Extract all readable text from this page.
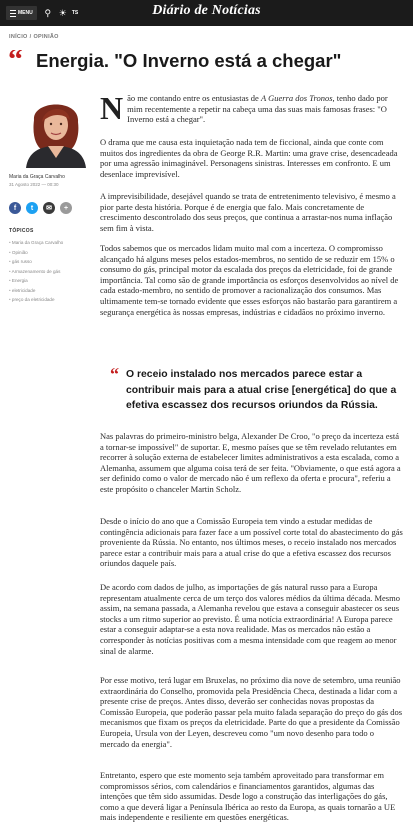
MENU	⚲ ☀ TS	Diário de Notícias
INÍCIO / OPINIÃO
“ Energia. "O Inverno está a chegar"
Maria da Graça Carvalho
31 Agosto 2022 — 00:30
f	t	✉	+
TÓPICOS
• Maria da Graça Carvalho
• Opinião
• gás russo
• Armazenamento de gás
• Energia
• eletricidade
• preço da eletricidade

Não me contando entre os entusiastas de A Guerra dos Tronos, tenho dado por mim recentemente a repetir na cabeça uma das suas mais famosas frases: "O Inverno está a chegar".

O drama que me causa esta inquietação nada tem de ficcional, ainda que conte com muitos dos ingredientes da obra de George R.R. Martin: uma grave crise, desencadeada por uma agressão inimaginável. Personagens sinistras. Interesses em confronto. E um desenlace imprevisível.

A imprevisibilidade, desejável quando se trata de entretenimento televisivo, é mesmo a pior parte desta história. Porque é de energia que falo. Mais concretamente de crescimento descontrolado dos seus preços, que continua a arrastar-nos numa inflação sem fim à vista.

Todos sabemos que os mercados lidam muito mal com a incerteza. O compromisso alcançado há alguns meses pelos estados-membros, no sentido de se reduzir em 15% o consumo do gás, principal motor da escalada dos preços da eletricidade, foi de grande importância. Tal como são de grande importância os esforços desenvolvidos ao nível de cada estado-membro, no sentido de promover a racionalização dos consumos. Mas ultimamente tem-se tornado evidente que esses esforços não bastarão para garantirem a segurança energética às nossas empresas, indústrias e cidadãos no próximo inverno.

Nas palavras do primeiro-ministro belga, Alexander De Croo, "o preço da incerteza está a tornar-se impossível" de suportar. E, mesmo países que se têm revelado relutantes em recorrer à solução externa de estabelecer limites administrativos a esta escalada, como a Alemanha, assumem que alguma coisa terá de ser feita. "Obviamente, o que está agora a ser definido como o valor de mercado não é um reflexo da oferta e procura", referiu a este propósito o chanceler Martin Scholz.

Desde o início do ano que a Comissão Europeia tem vindo a estudar medidas de contingência adicionais para fazer face a um possível corte total do abastecimento do gás proveniente da Rússia. No entanto, nos últimos meses, o receio instalado nos mercados parece estar a contribuir mais para a atual crise do que a efetiva escassez dos recursos oriundos daquele país.

De acordo com dados de julho, as importações de gás natural russo para a Europa representam atualmente cerca de um terço dos valores médios da última década. Mesmo assim, na semana passada, a Alemanha revelou que estava a conseguir abastecer os seus stocks a um ritmo superior ao previsto. É uma notícia extraordinária! A Europa parece estar a conseguir adaptar-se a esta nova realidade. Mas os mercados não estão a corresponder às notícias positivas com a mesma intensidade com que reagem ao menor sinal de alarme.

Por esse motivo, terá lugar em Bruxelas, no próximo dia nove de setembro, uma reunião extraordinária do Conselho, promovida pela Presidência Checa, destinada a lidar com a presente crise de preços. Antes disso, deverão ser conhecidas novas propostas da Comissão Europeia, que poderão passar pela muito falada separação do preço do gás dos mecanismos que fixam os preços da eletricidade. Parte do que a presidente da Comissão Europeia, Ursula von der Leyen, descreveu como "um novo desenho para todo o mercado da energia".

Entretanto, espero que este momento seja também aproveitado para transformar em compromissos sérios, com calendários e financiamentos garantidos, algumas das intenções que têm sido assumidas. Desde logo a construção das interligações do gás, como a que deverá ligar a Península Ibérica ao resto da Europa, as quais tornarão a UE mais independente e resiliente em questões energéticas.

“ O receio instalado nos mercados parece estar a contribuir mais para a atual crise [energética] do que a efetiva escassez dos recursos oriundos da Rússia.
